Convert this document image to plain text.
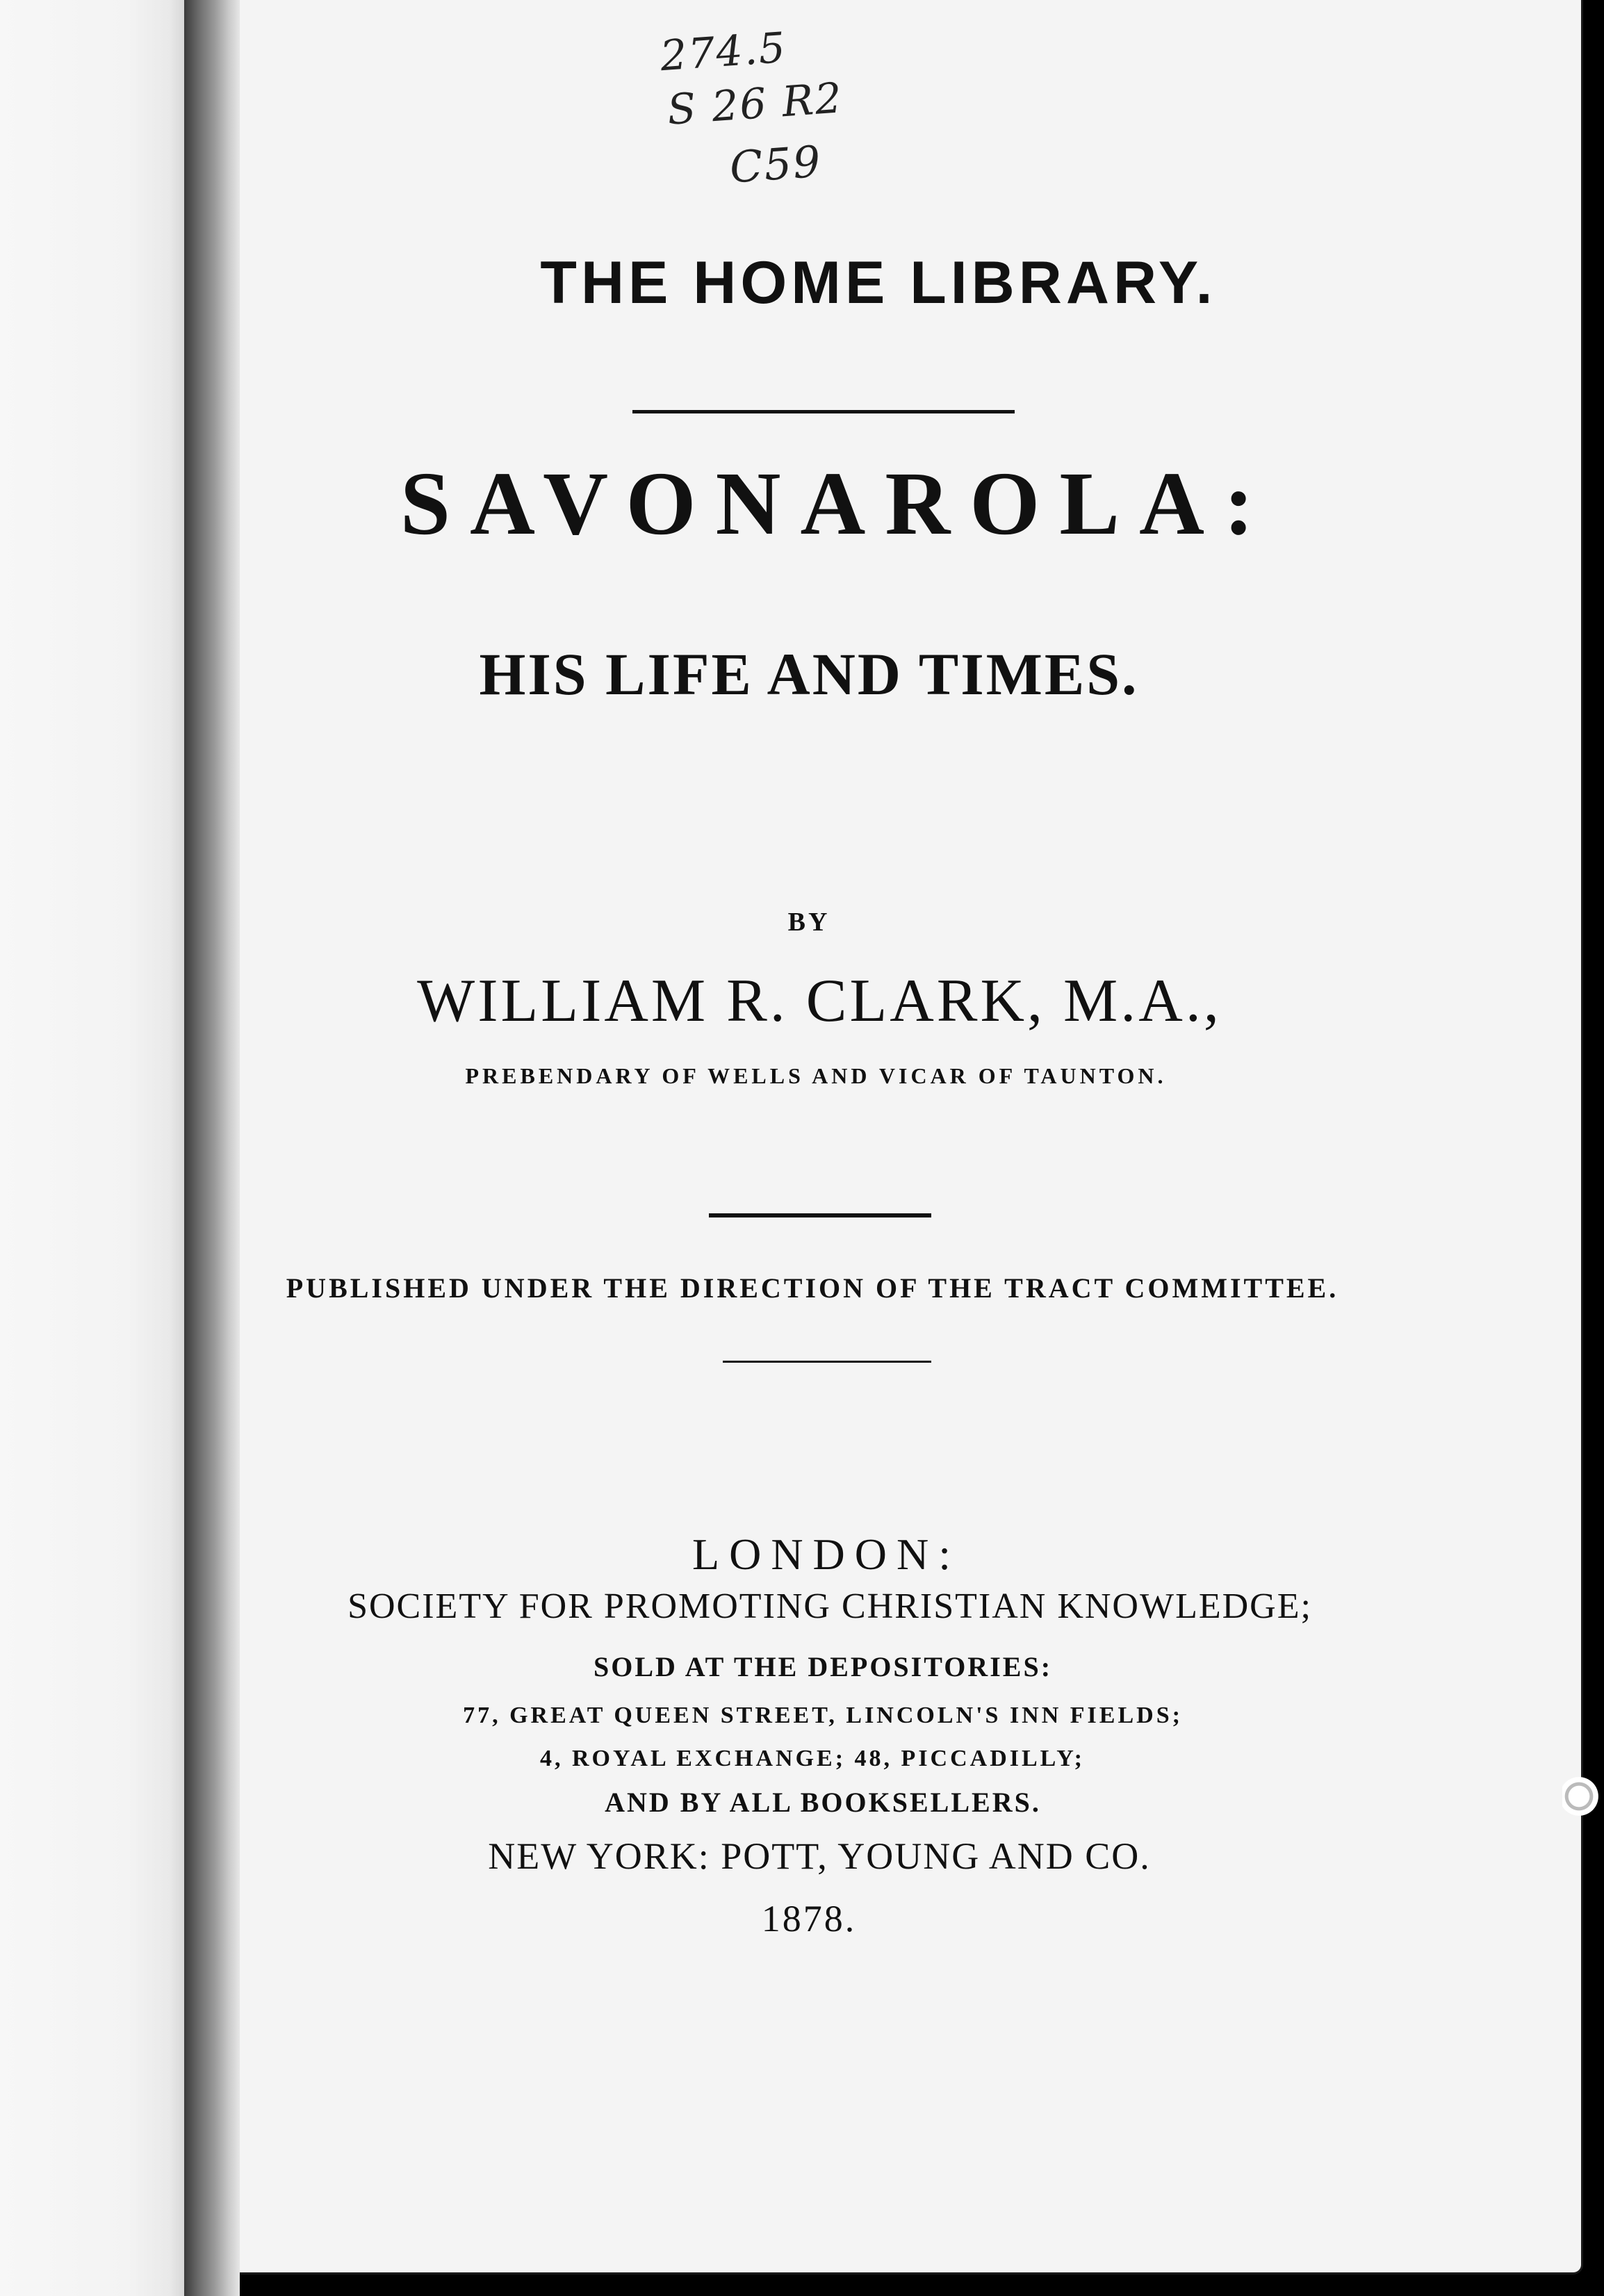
274.5
S 26 R2
C59
THE HOME LIBRARY.
SAVONAROLA:
HIS LIFE AND TIMES.
BY
WILLIAM R. CLARK, M.A.,
PREBENDARY OF WELLS AND VICAR OF TAUNTON.
PUBLISHED UNDER THE DIRECTION OF THE TRACT COMMITTEE.
LONDON:
SOCIETY FOR PROMOTING CHRISTIAN KNOWLEDGE;
SOLD AT THE DEPOSITORIES:
77, GREAT QUEEN STREET, LINCOLN'S INN FIELDS;
4, ROYAL EXCHANGE; 48, PICCADILLY;
AND BY ALL BOOKSELLERS.
NEW YORK: POTT, YOUNG AND CO.
1878.
